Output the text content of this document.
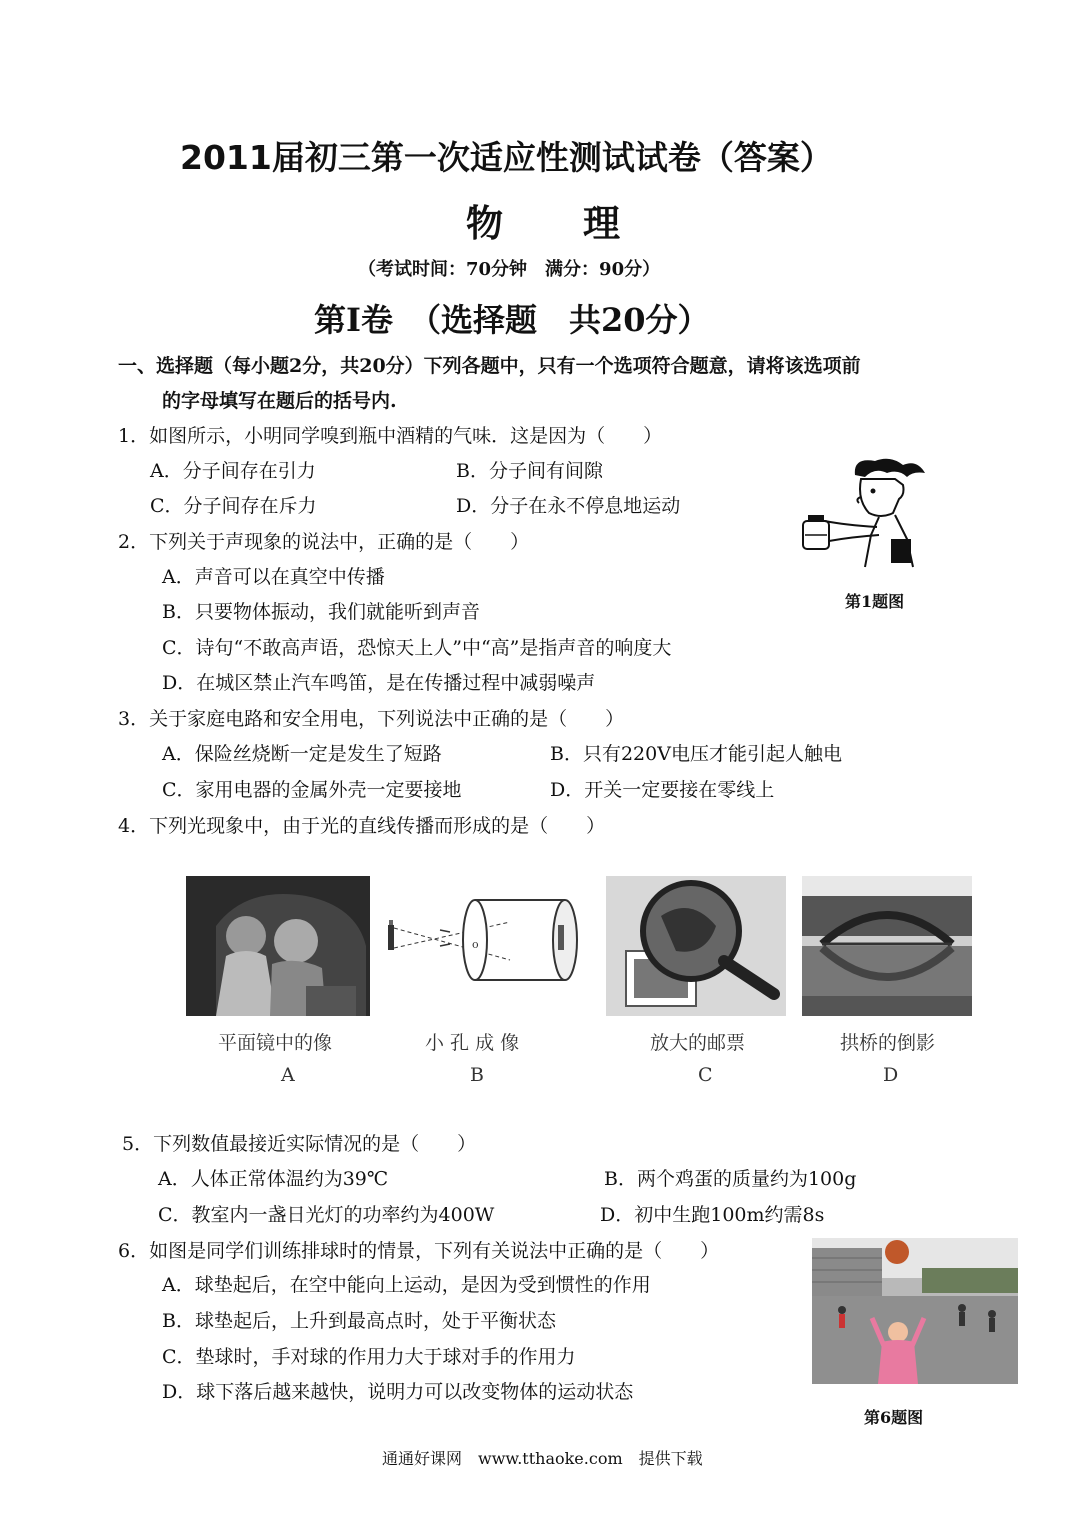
2011届初三第一次适应性测试试卷（答案）
物　　理
（考试时间：70分钟　满分：90分）
第Ⅰ卷　（选择题　共20分）
一、选择题（每小题2分，共20分）下列各题中，只有一个选项符合题意，请将该选项前
的字母填写在题后的括号内.
1．如图所示，小明同学嗅到瓶中酒精的气味．这是因为（　　）
A．分子间存在引力	B．分子间有间隙
C．分子间存在斥力	D．分子在永不停息地运动
第1题图
2．下列关于声现象的说法中，正确的是（　　）
A．声音可以在真空中传播
B．只要物体振动，我们就能听到声音
C．诗句“不敢高声语，恐惊天上人”中“高”是指声音的响度大
D．在城区禁止汽车鸣笛，是在传播过程中减弱噪声
3．关于家庭电路和安全用电，下列说法中正确的是（　　）
A．保险丝烧断一定是发生了短路	B．只有220V电压才能引起人触电
C．家用电器的金属外壳一定要接地	D．开关一定要接在零线上
4．下列光现象中，由于光的直线传播而形成的是（　　）
o
平面镜中的像	小 孔 成 像	放大的邮票	拱桥的倒影
A	B	C	D
5．下列数值最接近实际情况的是（　　）
A．人体正常体温约为39℃	B．两个鸡蛋的质量约为100g
C．教室内一盏日光灯的功率约为400W	D．初中生跑100m约需8s
6．如图是同学们训练排球时的情景，下列有关说法中正确的是（　　）
A．球垫起后，在空中能向上运动，是因为受到惯性的作用
B．球垫起后，上升到最高点时，处于平衡状态
C．垫球时，手对球的作用力大于球对手的作用力
D．球下落后越来越快，说明力可以改变物体的运动状态
第6题图
通通好课网　www.tthaoke.com　提供下载
